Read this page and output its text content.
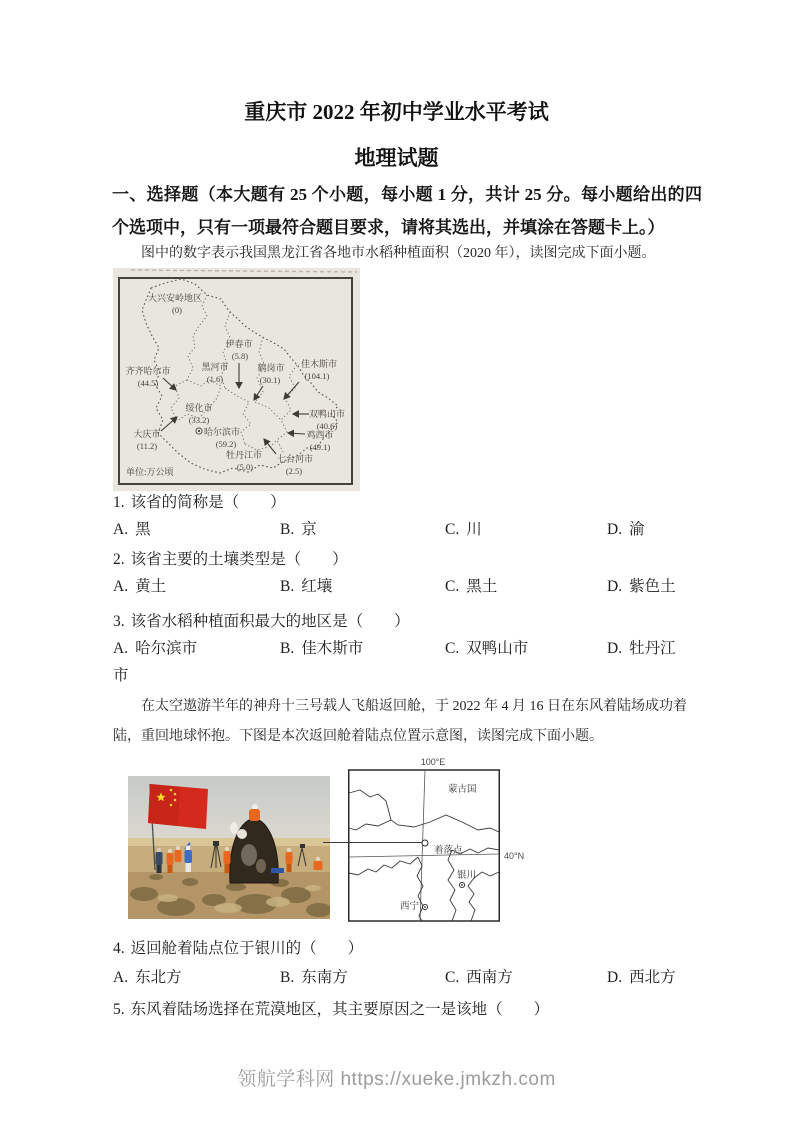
重庆市 2022 年初中学业水平考试
地理试题
一、选择题（本大题有 25 个小题，每小题 1 分，共计 25 分。每小题给出的四个选项中，只有一项最符合题目要求，请将其选出，并填涂在答题卡上。）
图中的数字表示我国黑龙江省各地市水稻种植面积（2020 年），读图完成下面小题。
大兴安岭地区
(0)
伊春市
(5.8)
齐齐哈尔市
(44.5)
黑河市
(1.6)
鹤岗市
(30.1)
佳木斯市
(104.1)
绥化市
(33.2)
双鸭山市
(40.6)
大庆市
(11.2)
哈尔滨市
(59.2)
鸡西市
(49.1)
牡丹江市
(5.0)
七台河市
(2.5)
单位:万公顷
1. 该省的简称是（　　）
A. 黑	B. 京	C. 川	D. 渝
2. 该省主要的土壤类型是（　　）
A. 黄土	B. 红壤	C. 黑土	D. 紫色土
3. 该省水稻种植面积最大的地区是（　　）
A. 哈尔滨市	B. 佳木斯市	C. 双鸭山市	D. 牡丹江市
在太空遨游半年的神舟十三号载人飞船返回舱，于 2022 年 4 月 16 日在东风着陆场成功着陆，重回地球怀抱。下图是本次返回舱着陆点位置示意图，读图完成下面小题。
100°E
40°N
蒙古国
着落点
银川
西宁
4. 返回舱着陆点位于银川的（　　）
A. 东北方	B. 东南方	C. 西南方	D. 西北方
5. 东风着陆场选择在荒漠地区，其主要原因之一是该地（　　）
领航学科网 https://xueke.jmkzh.com
